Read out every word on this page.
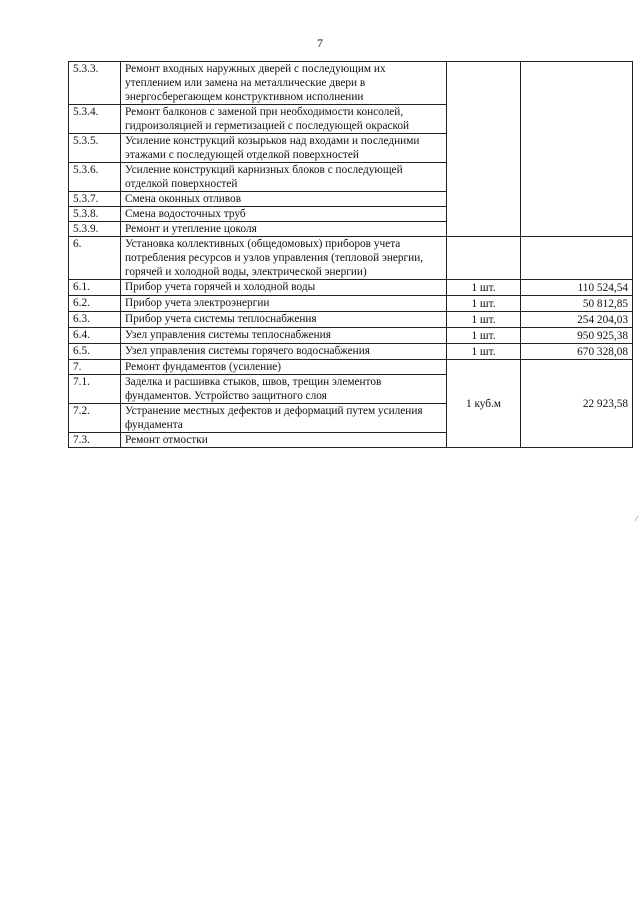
7
5.3.3.	Ремонт входных наружных дверей с последующим их утеплением или замена на металлические двери в энергосберегающем конструктивном исполнении		
5.3.4.	Ремонт балконов с заменой при необходимости консолей, гидроизоляцией и герметизацией с последующей окраской		
5.3.5.	Усиление конструкций козырьков над входами и последними этажами с последующей отделкой поверхностей		
5.3.6.	Усиление конструкций карнизных блоков с последующей отделкой поверхностей		
5.3.7.	Смена оконных отливов		
5.3.8.	Смена водосточных труб		
5.3.9.	Ремонт и утепление цоколя		
6.	Установка коллективных (общедомовых) приборов учета потребления ресурсов и узлов управления (тепловой энергии, горячей и холодной воды, электрической энергии)		
6.1.	Прибор учета горячей и холодной воды	1 шт.	110 524,54
6.2.	Прибор учета электроэнергии	1 шт.	50 812,85
6.3.	Прибор учета системы теплоснабжения	1 шт.	254 204,03
6.4.	Узел управления системы теплоснабжения	1 шт.	950 925,38
6.5.	Узел управления системы горячего водоснабжения	1 шт.	670 328,08
7.	Ремонт фундаментов (усиление)	1 куб.м	22 923,58
7.1.	Заделка и расшивка стыков, швов, трещин элементов фундаментов. Устройство защитного слоя		
7.2.	Устранение местных дефектов и деформаций путем усиления фундамента		
7.3.	Ремонт отмостки		
⁄
